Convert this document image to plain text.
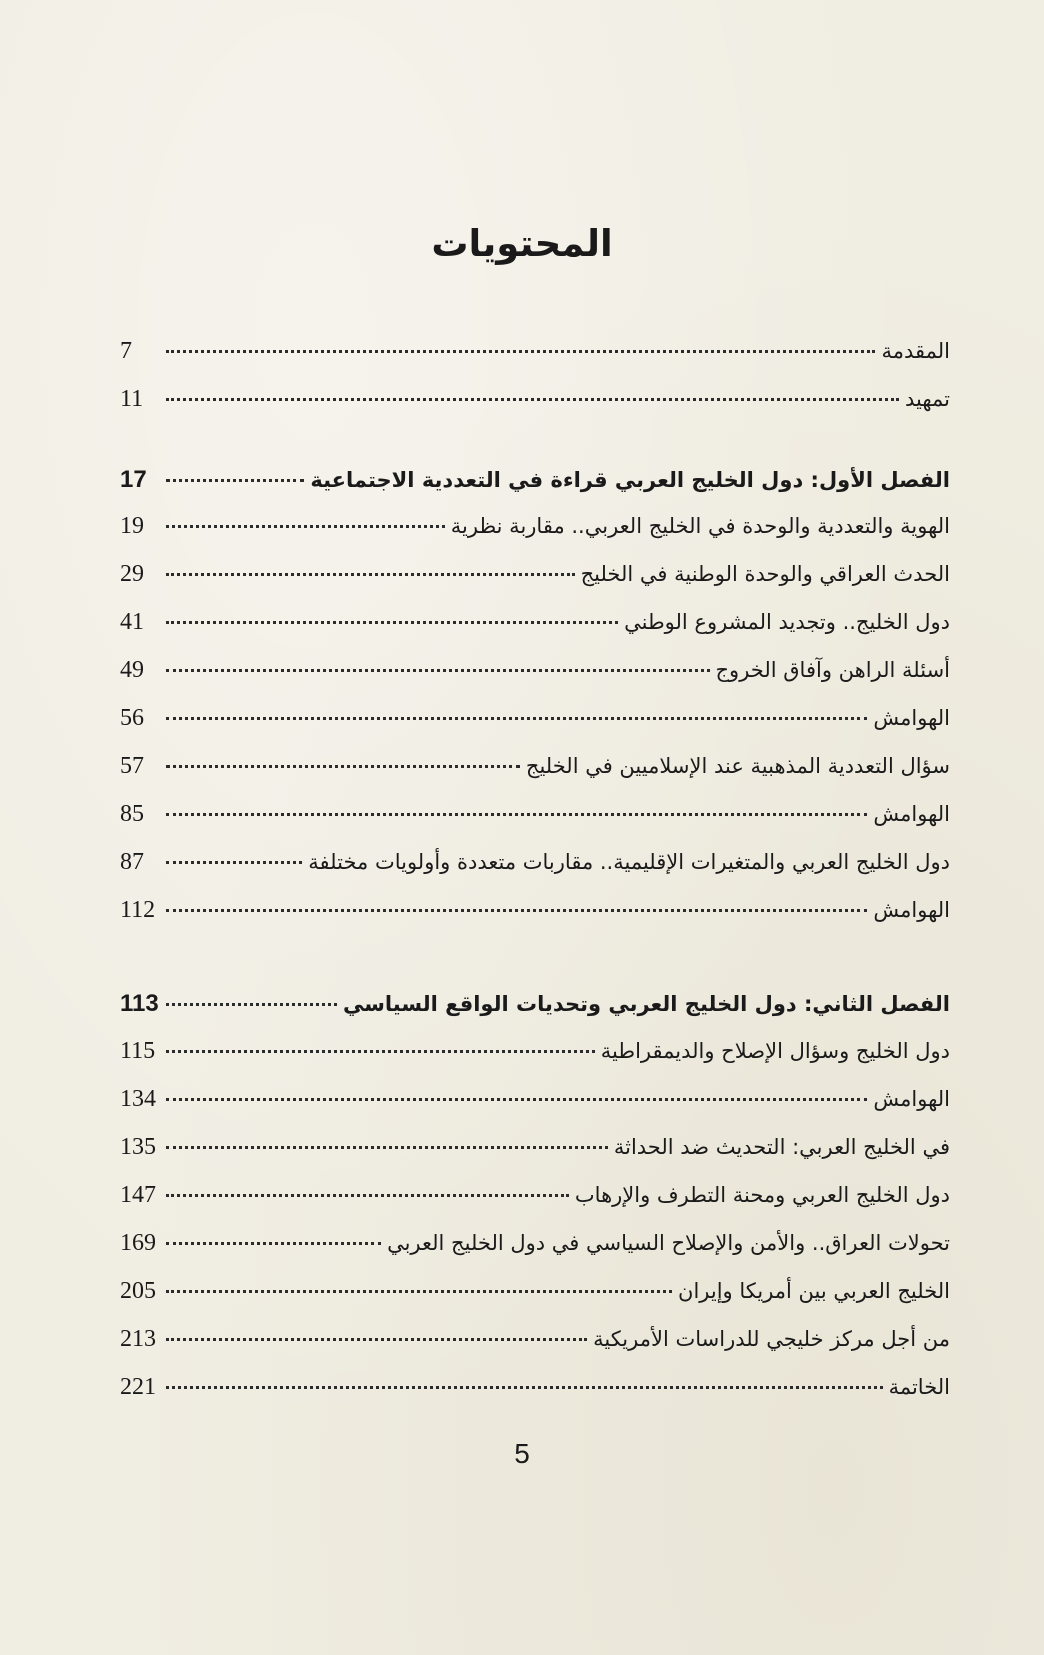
المحتويات
المقدمة
7
تمهيد
11
الفصل الأول: دول الخليج العربي قراءة في التعددية الاجتماعية
17
الهوية والتعددية والوحدة في الخليج العربي.. مقاربة نظرية
19
الحدث العراقي والوحدة الوطنية في الخليج
29
دول الخليج.. وتجديد المشروع الوطني
41
أسئلة الراهن وآفاق الخروج
49
الهوامش
56
سؤال التعددية المذهبية عند الإسلاميين في الخليج
57
الهوامش
85
دول الخليج العربي والمتغيرات الإقليمية.. مقاربات متعددة وأولويات مختلفة
87
الهوامش
112
الفصل الثاني: دول الخليج العربي وتحديات الواقع السياسي
113
دول الخليج وسؤال الإصلاح والديمقراطية
115
الهوامش
134
في الخليج العربي: التحديث ضد الحداثة
135
دول الخليج العربي ومحنة التطرف والإرهاب
147
تحولات العراق.. والأمن والإصلاح السياسي في دول الخليج العربي
169
الخليج العربي بين أمريكا وإيران
205
من أجل مركز خليجي للدراسات الأمريكية
213
الخاتمة
221
5
